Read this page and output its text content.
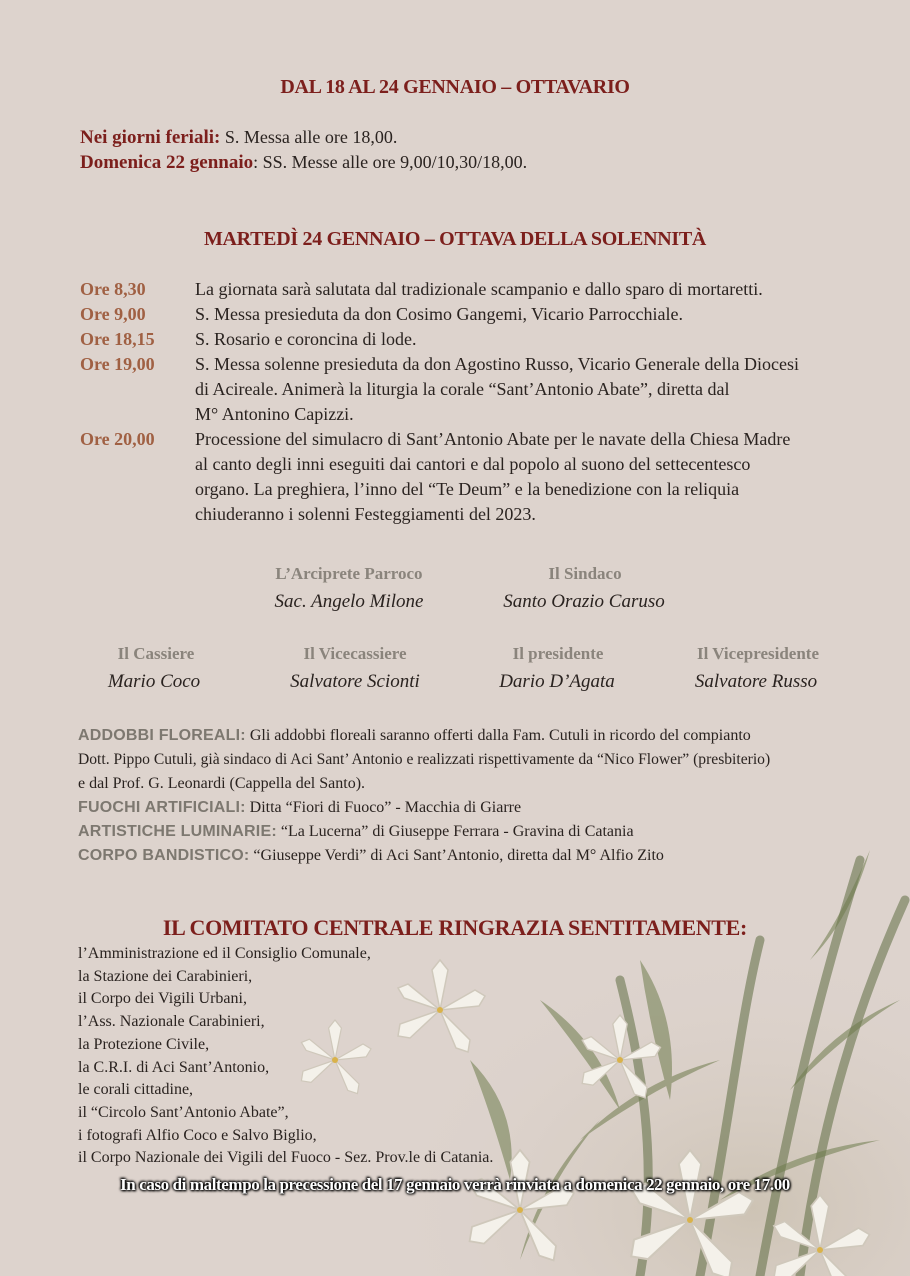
DAL 18 AL 24 GENNAIO – OTTAVARIO
Nei giorni feriali: S. Messa alle ore 18,00.
Domenica 22 gennaio: SS. Messe alle ore 9,00/10,30/18,00.
MARTEDÌ 24 GENNAIO – OTTAVA DELLA SOLENNITÀ
Ore 8,30	La giornata sarà salutata dal tradizionale scampanio e dallo sparo di mortaretti.
Ore 9,00	S. Messa presieduta da don Cosimo Gangemi, Vicario Parrocchiale.
Ore 18,15 S. Rosario e coroncina di lode.
Ore 19,00 S. Messa solenne presieduta da don Agostino Russo, Vicario Generale della Diocesi
di Acireale. Animerà la liturgia la corale “Sant’Antonio Abate”, diretta dal
M° Antonino Capizzi.
Ore 20,00 Processione del simulacro di Sant’Antonio Abate per le navate della Chiesa Madre
al canto degli inni eseguiti dai cantori e dal popolo al suono del settecentesco
organo. La preghiera, l’inno del “Te Deum” e la benedizione con la reliquia
chiuderanno i solenni Festeggiamenti del 2023.
L’Arciprete Parroco
Sac. Angelo Milone
Il Sindaco
Santo Orazio Caruso
Il Cassiere
Mario Coco
Il Vicecassiere
Salvatore Scionti
Il presidente
Dario D’Agata
Il Vicepresidente
Salvatore Russo
ADDOBBI FLOREALI: Gli addobbi floreali saranno offerti dalla Fam. Cutuli in ricordo del compianto
Dott. Pippo Cutuli, già sindaco di Aci Sant’ Antonio e realizzati rispettivamente da “Nico Flower” (presbiterio)
e dal Prof. G. Leonardi (Cappella del Santo).
FUOCHI ARTIFICIALI: Ditta “Fiori di Fuoco” - Macchia di Giarre
ARTISTICHE LUMINARIE: “La Lucerna” di Giuseppe Ferrara - Gravina di Catania
CORPO BANDISTICO: “Giuseppe Verdi” di Aci Sant’Antonio, diretta dal M° Alfio Zito
IL COMITATO CENTRALE RINGRAZIA SENTITAMENTE:
l’Amministrazione ed il Consiglio Comunale,
la Stazione dei Carabinieri,
il Corpo dei Vigili Urbani,
l’Ass. Nazionale Carabinieri,
la Protezione Civile,
la C.R.I. di Aci Sant’Antonio,
le corali cittadine,
il “Circolo Sant’Antonio Abate”,
i fotografi Alfio Coco e Salvo Biglio,
il Corpo Nazionale dei Vigili del Fuoco - Sez. Prov.le di Catania.
In caso di maltempo la precessione del 17 gennaio verrà rinviata a domenica 22 gennaio, ore 17.00
